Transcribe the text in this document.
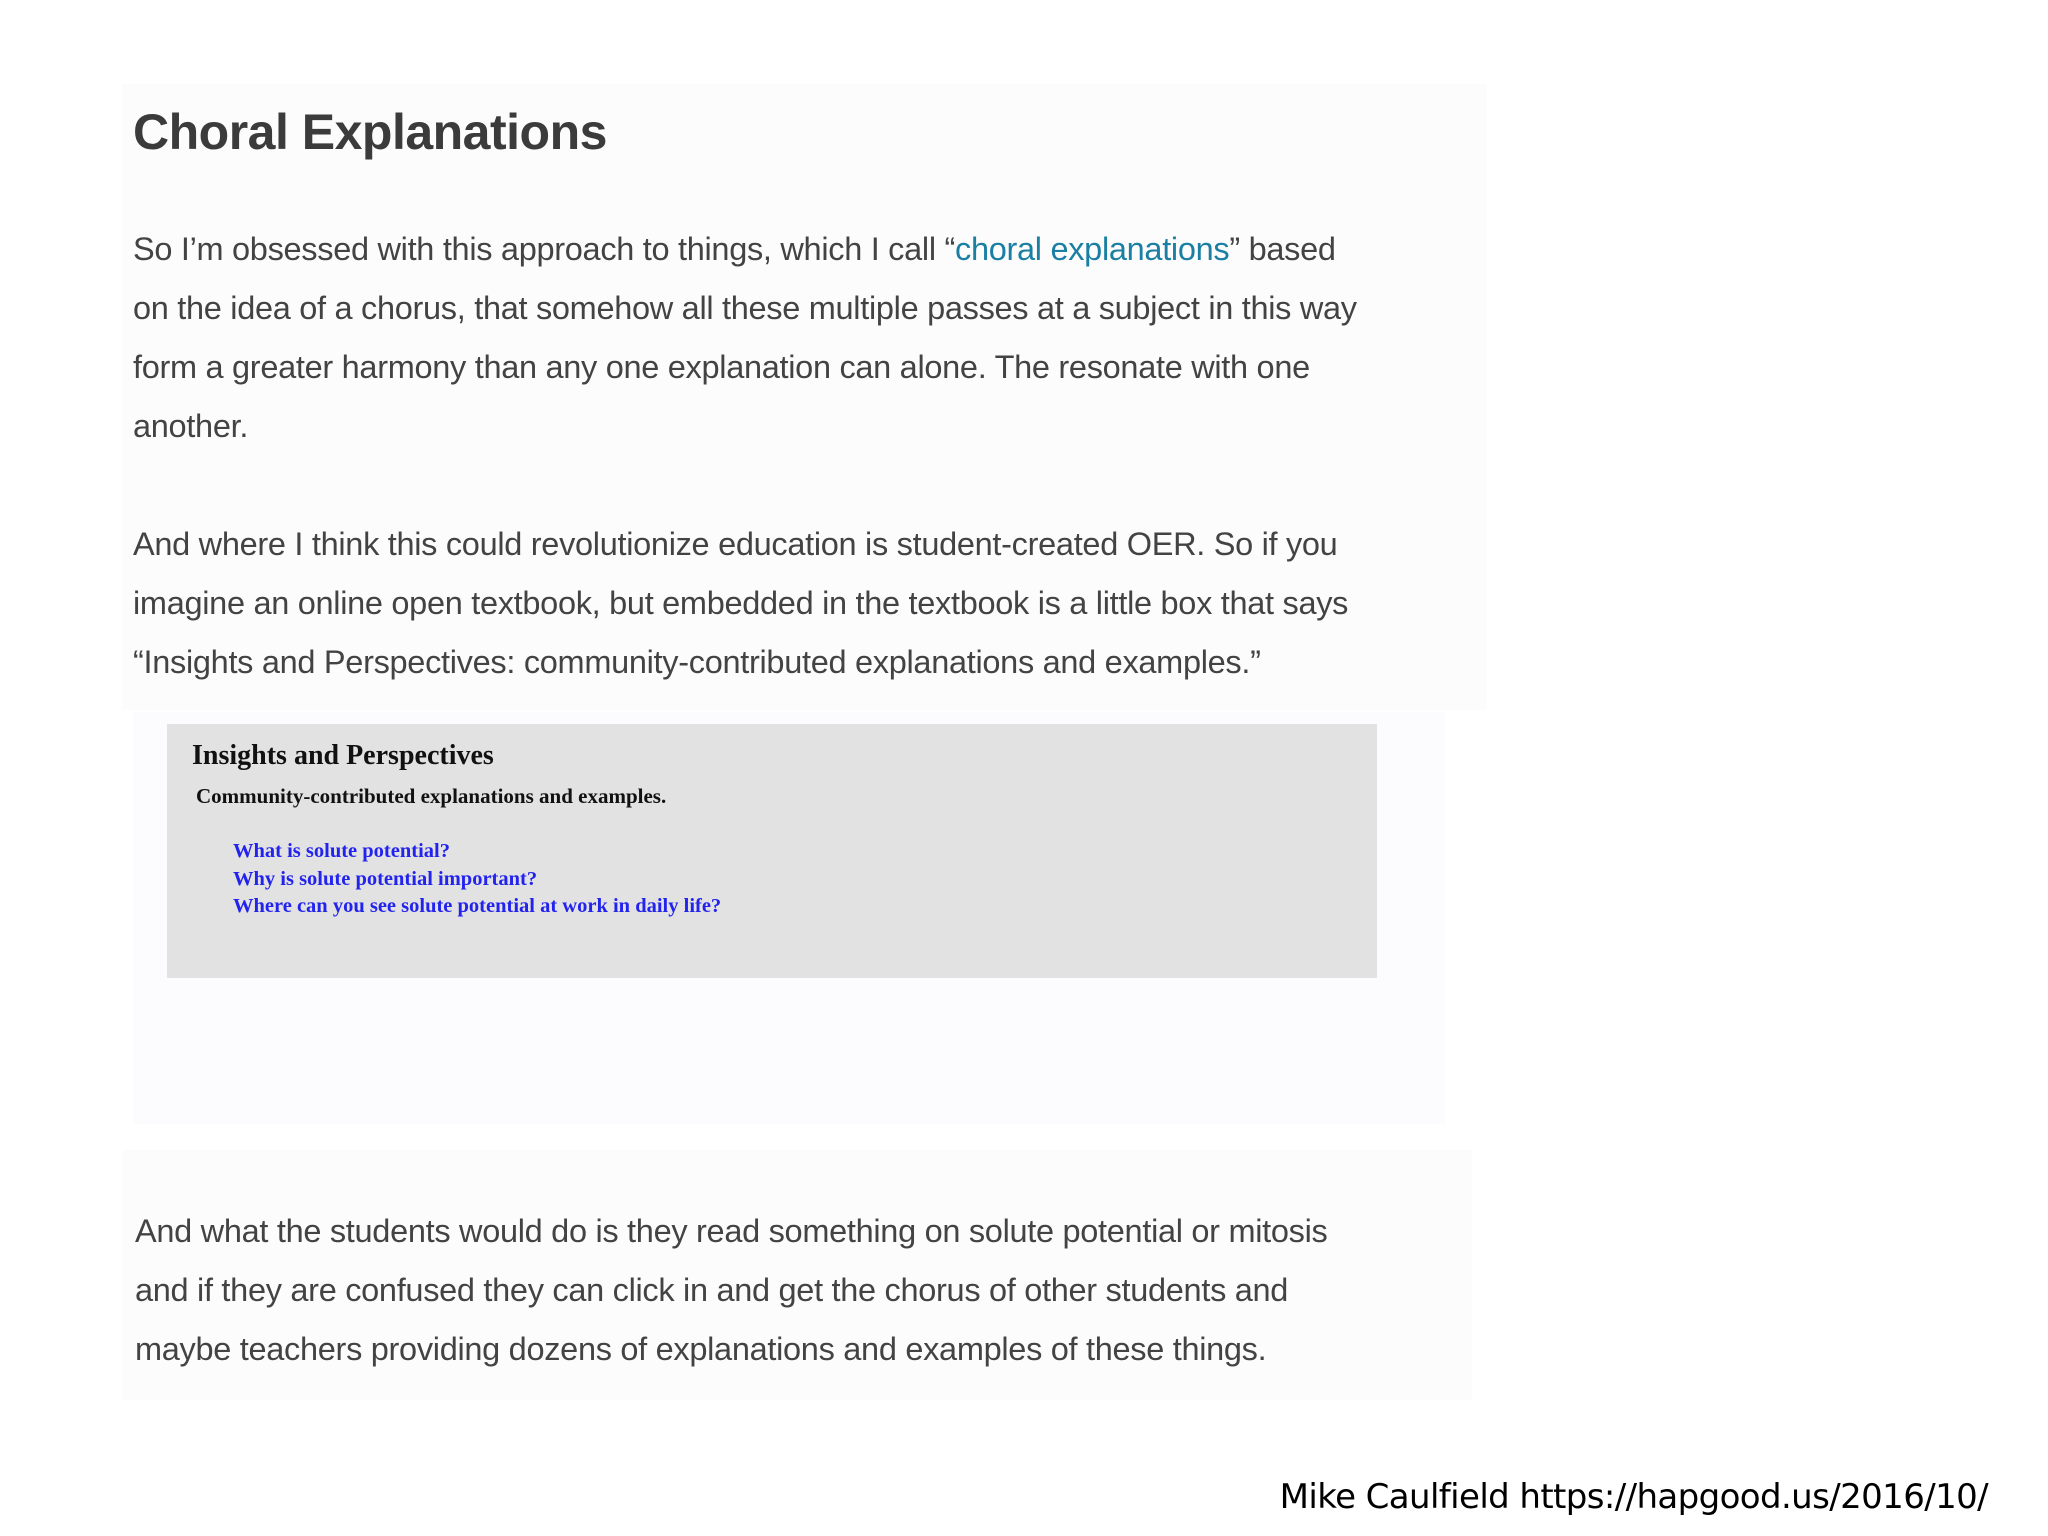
Choral Explanations

So I’m obsessed with this approach to things, which I call “choral explanations” based
on the idea of a chorus, that somehow all these multiple passes at a subject in this way
form a greater harmony than any one explanation can alone. The resonate with one
another.

And where I think this could revolutionize education is student-created OER. So if you
imagine an online open textbook, but embedded in the textbook is a little box that says
“Insights and Perspectives: community-contributed explanations and examples.”

Insights and Perspectives

Community-contributed explanations and examples.

What is solute potential?
Why is solute potential important?
Where can you see solute potential at work in daily life?

And what the students would do is they read something on solute potential or mitosis
and if they are confused they can click in and get the chorus of other students and
maybe teachers providing dozens of explanations and examples of these things.

Mike Caulfield https://hapgood.us/2016/10/
